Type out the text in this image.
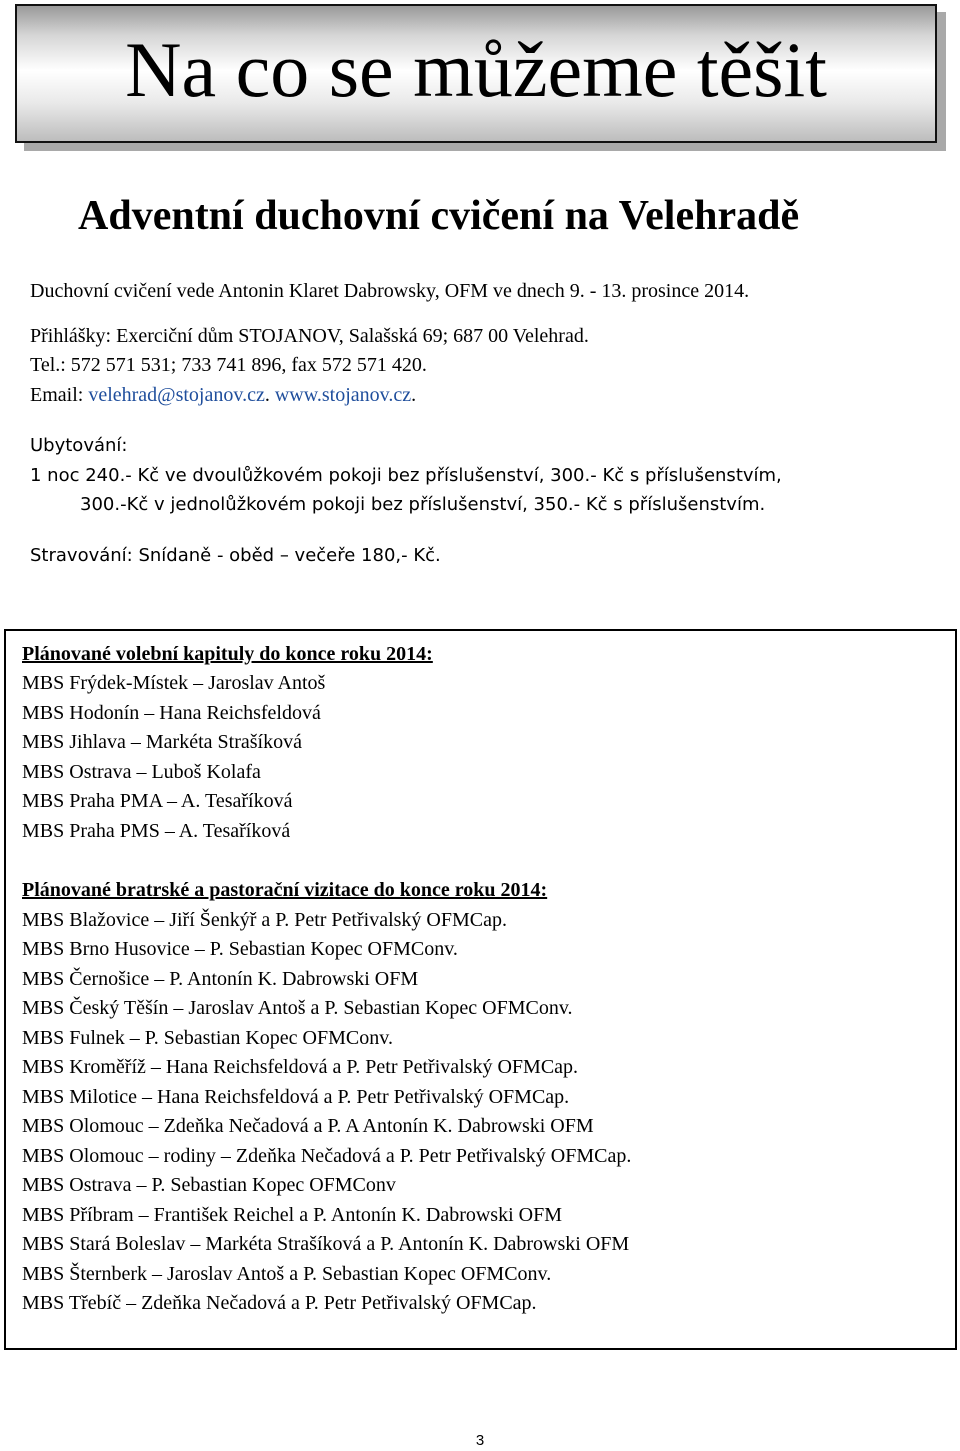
Na co se můžeme těšit
Adventní duchovní cvičení na Velehradě
Duchovní cvičení vede Antonin Klaret Dabrowsky, OFM ve dnech 9. - 13. prosince 2014.
Přihlášky: Exerciční dům STOJANOV, Salašská 69; 687 00 Velehrad.
Tel.: 572 571 531; 733 741 896, fax 572 571 420.
Email: velehrad@stojanov.cz. www.stojanov.cz.
Ubytování:
1 noc 240.- Kč ve dvoulůžkovém pokoji bez příslušenství, 300.- Kč s příslušenstvím,
300.-Kč v jednolůžkovém pokoji bez příslušenství, 350.- Kč s příslušenstvím.
Stravování: Snídaně - oběd – večeře 180,- Kč.
Plánované volební kapituly do konce roku 2014:
MBS Frýdek-Místek – Jaroslav Antoš
MBS Hodonín – Hana Reichsfeldová
MBS Jihlava – Markéta Strašíková
MBS Ostrava – Luboš Kolafa
MBS Praha PMA – A. Tesaříková
MBS Praha PMS – A. Tesaříková
Plánované bratrské a pastorační vizitace do konce roku 2014:
MBS Blažovice – Jiří Šenkýř a P. Petr Petřivalský OFMCap.
MBS Brno Husovice – P. Sebastian Kopec OFMConv.
MBS Černošice – P. Antonín K. Dabrowski OFM
MBS Český Těšín – Jaroslav Antoš a P. Sebastian Kopec OFMConv.
MBS Fulnek – P. Sebastian Kopec OFMConv.
MBS Kroměříž – Hana Reichsfeldová a P. Petr Petřivalský OFMCap.
MBS Milotice – Hana Reichsfeldová a P. Petr Petřivalský OFMCap.
MBS Olomouc – Zdeňka Nečadová a P. A Antonín K. Dabrowski OFM
MBS Olomouc – rodiny – Zdeňka Nečadová a P. Petr Petřivalský OFMCap.
MBS Ostrava – P. Sebastian Kopec OFMConv
MBS Příbram – František Reichel a P. Antonín K. Dabrowski OFM
MBS Stará Boleslav – Markéta Strašíková a P. Antonín K. Dabrowski OFM
MBS Šternberk – Jaroslav Antoš a P. Sebastian Kopec OFMConv.
MBS Třebíč – Zdeňka Nečadová a P. Petr Petřivalský OFMCap.
3
